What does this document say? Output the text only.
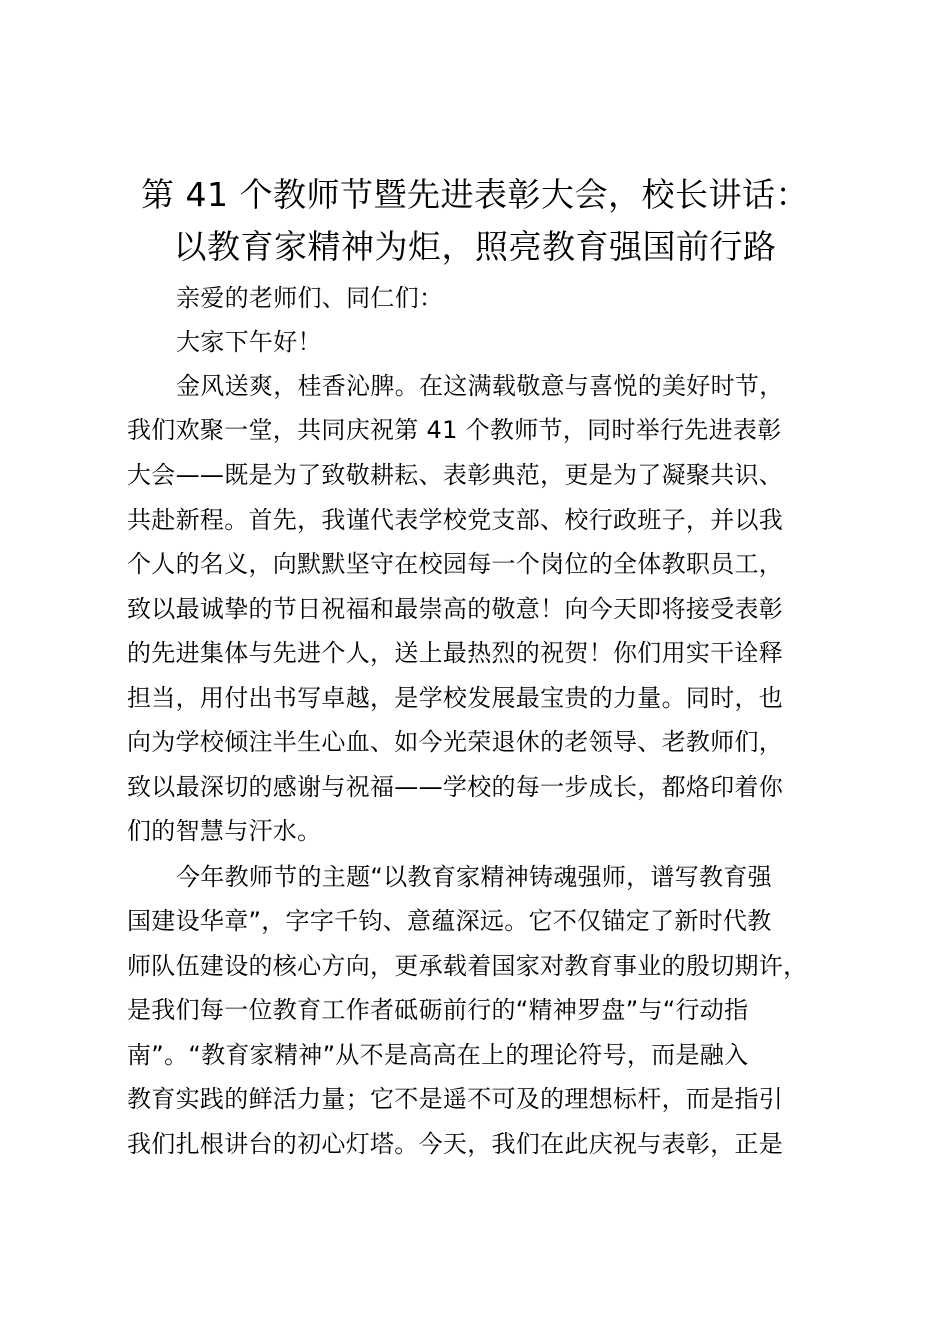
第 41 个教师节暨先进表彰大会，校长讲话：
以教育家精神为炬，照亮教育强国前行路

亲爱的老师们、同仁们：

大家下午好！

金风送爽，桂香沁脾。在这满载敬意与喜悦的美好时节，

我们欢聚一堂，共同庆祝第 41 个教师节，同时举行先进表彰

大会——既是为了致敬耕耘、表彰典范，更是为了凝聚共识、

共赴新程。首先，我谨代表学校党支部、校行政班子，并以我

个人的名义，向默默坚守在校园每一个岗位的全体教职员工，

致以最诚挚的节日祝福和最崇高的敬意！向今天即将接受表彰

的先进集体与先进个人，送上最热烈的祝贺！你们用实干诠释

担当，用付出书写卓越，是学校发展最宝贵的力量。同时，也

向为学校倾注半生心血、如今光荣退休的老领导、老教师们，

致以最深切的感谢与祝福——学校的每一步成长，都烙印着你

们的智慧与汗水。

今年教师节的主题“以教育家精神铸魂强师，谱写教育强

国建设华章”，字字千钧、意蕴深远。它不仅锚定了新时代教

师队伍建设的核心方向，更承载着国家对教育事业的殷切期许，

是我们每一位教育工作者砥砺前行的“精神罗盘”与“行动指

南”。“教育家精神”从不是高高在上的理论符号，而是融入

教育实践的鲜活力量；它不是遥不可及的理想标杆，而是指引

我们扎根讲台的初心灯塔。今天，我们在此庆祝与表彰，正是
